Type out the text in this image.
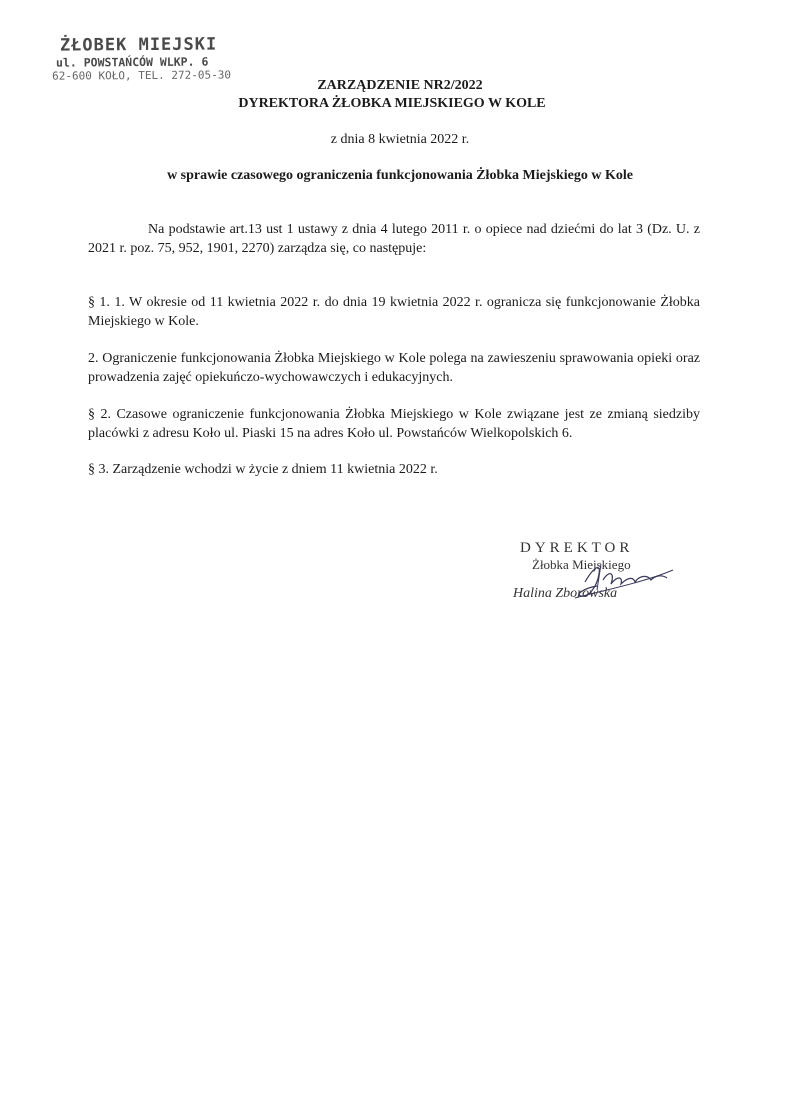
ŻŁOBEK MIEJSKI
ul. POWSTAŃCÓW WLKP. 6
62-600 KOŁO, TEL. 272-05-30
ZARZĄDZENIE NR2/2022
DYREKTORA ŻŁOBKA MIEJSKIEGO W KOLE
z dnia 8 kwietnia 2022 r.
w sprawie czasowego ograniczenia funkcjonowania Żłobka Miejskiego w Kole
Na podstawie art.13 ust 1 ustawy z dnia 4 lutego 2011 r. o opiece nad dziećmi do lat 3 (Dz. U. z 2021 r. poz. 75, 952, 1901, 2270) zarządza się, co następuje:
§ 1. 1. W okresie od 11 kwietnia 2022 r. do dnia 19 kwietnia 2022 r. ogranicza się funkcjonowanie Żłobka Miejskiego w Kole.
2. Ograniczenie funkcjonowania Żłobka Miejskiego w Kole polega na zawieszeniu sprawowania opieki oraz prowadzenia zajęć opiekuńczo-wychowawczych i edukacyjnych.
§ 2. Czasowe ograniczenie funkcjonowania Żłobka Miejskiego w Kole związane jest ze zmianą siedziby placówki z adresu Koło ul. Piaski 15 na adres Koło ul. Powstańców Wielkopolskich 6.
§ 3. Zarządzenie wchodzi w życie z dniem 11 kwietnia 2022 r.
DYREKTOR
Żłobka Miejskiego
Halina Zborowska
